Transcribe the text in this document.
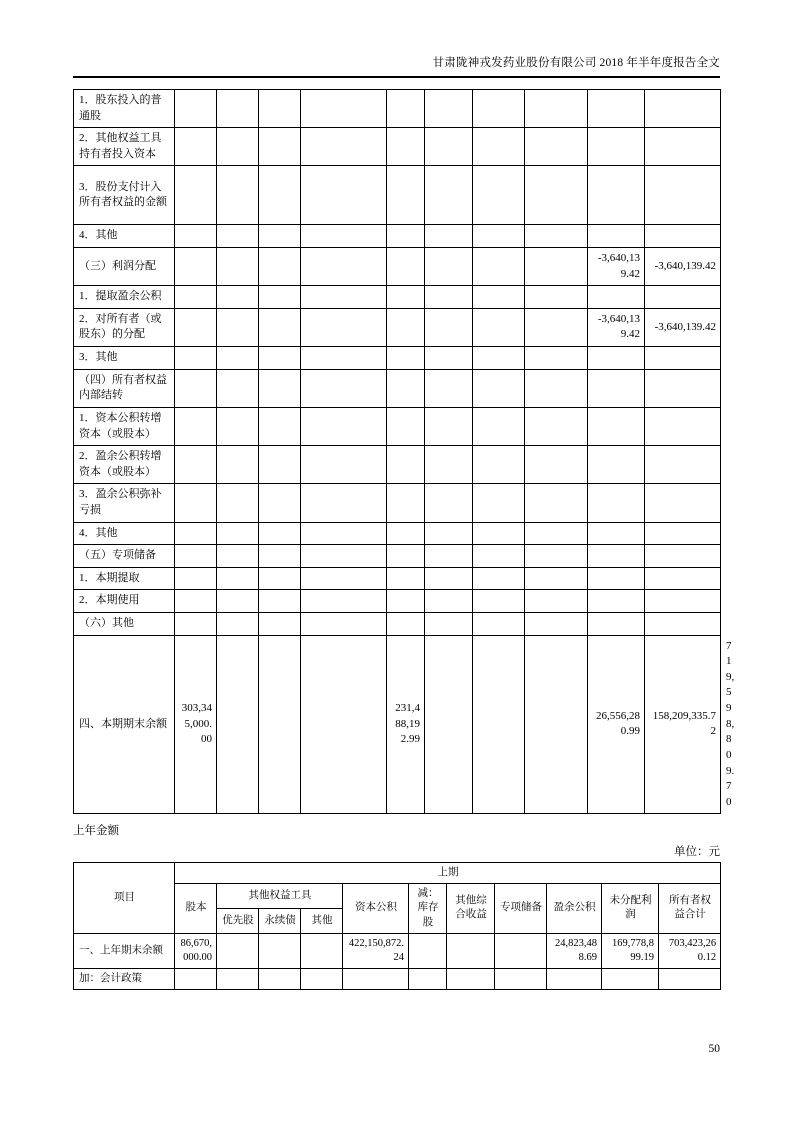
甘肃陇神戎发药业股份有限公司 2018 年半年度报告全文
1．股东投入的普通股											
2．其他权益工具持有者投入资本											
3．股份支付计入所有者权益的金额											
4．其他											
（三）利润分配									-3,640,139.42	-3,640,139.42	
1．提取盈余公积											
2．对所有者（或股东）的分配									-3,640,139.42	-3,640,139.42	
3．其他											
（四）所有者权益内部结转											
1．资本公积转增资本（或股本）											
2．盈余公积转增资本（或股本）											
3．盈余公积弥补亏损											
4．其他											
（五）专项储备											
1．本期提取											
2．本期使用											
（六）其他											
四、本期期末余额	303,345,000.00				231,488,192.99				26,556,280.99	158,209,335.72	719,598,809.70
上年金额
单位：元
项目	上期										
	股本	其他权益工具			资本公积	减：库存股	其他综合收益	专项储备	盈余公积	未分配利润	所有者权益合计
		优先股	永续债	其他							
一、上年期末余额	86,670,000.00				422,150,872.24				24,823,488.69	169,778,899.19	703,423,260.12
加：会计政策											
50
